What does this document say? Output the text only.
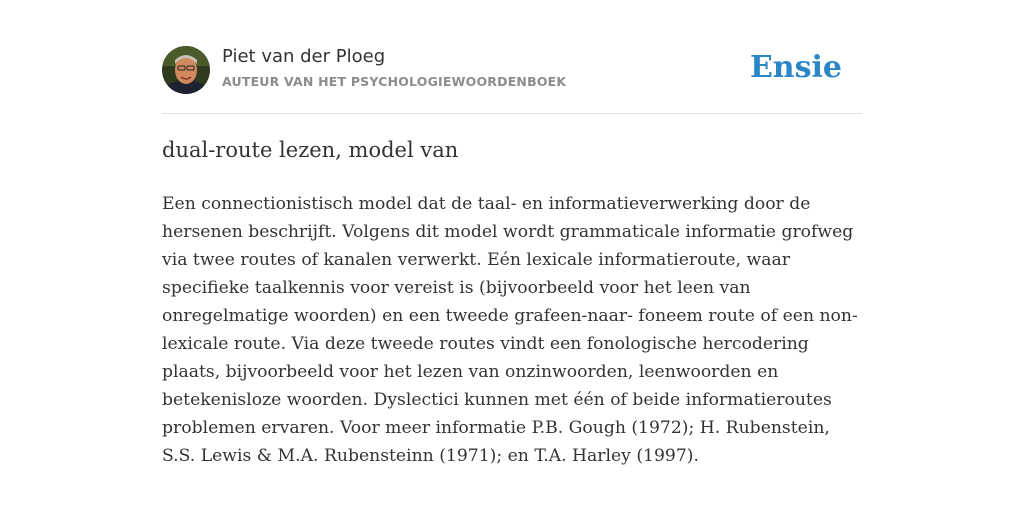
Piet van der Ploeg
AUTEUR VAN HET PSYCHOLOGIEWOORDENBOEK	Ensie
dual-route lezen, model van

Een connectionistisch model dat de taal- en informatieverwerking door de hersenen beschrijft. Volgens dit model wordt grammaticale informatie grofweg via twee routes of kanalen verwerkt. Eén lexicale informatieroute, waar specifieke taalkennis voor vereist is (bijvoorbeeld voor het leen van onregelmatige woorden) en een tweede grafeen-naar- foneem route of een non-lexicale route. Via deze tweede routes vindt een fonologische hercodering plaats, bijvoorbeeld voor het lezen van onzinwoorden, leenwoorden en betekenisloze woorden. Dyslectici kunnen met één of beide informatieroutes problemen ervaren. Voor meer informatie P.B. Gough (1972); H. Rubenstein, S.S. Lewis & M.A. Rubensteinn (1971); en T.A. Harley (1997).
